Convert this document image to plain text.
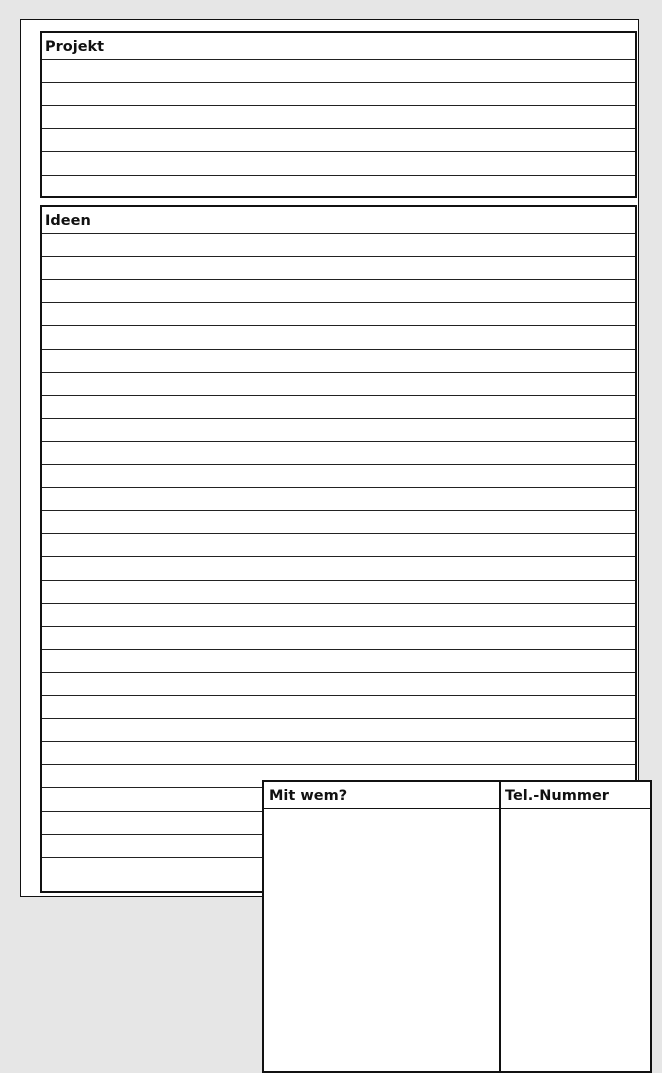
Projekt
Ideen
Mit wem?	Tel.-Nummer
